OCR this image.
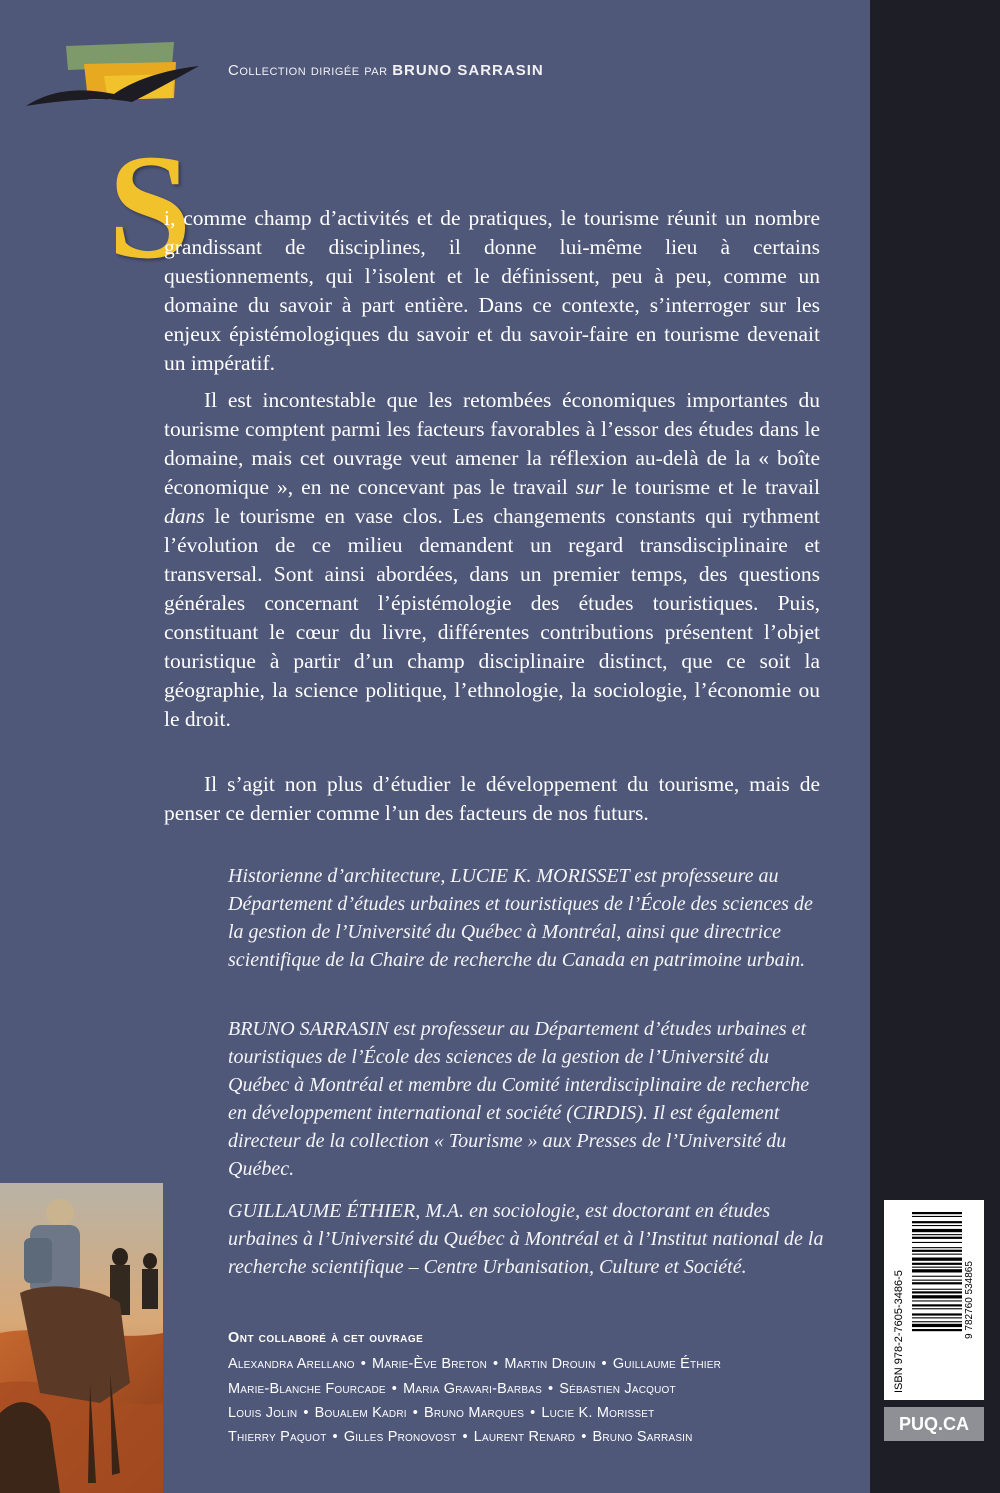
Collection dirigée par BRUNO SARRASIN
S

i, comme champ d’activités et de pratiques, le tourisme réunit un nombre grandissant de disciplines, il donne lui-même lieu à certains questionnements, qui l’isolent et le définissent, peu à peu, comme un domaine du savoir à part entière. Dans ce contexte, s’interroger sur les enjeux épistémologiques du savoir et du savoir-faire en tourisme devenait un impératif.

Il est incontestable que les retombées économiques importantes du tourisme comptent parmi les facteurs favorables à l’essor des études dans le domaine, mais cet ouvrage veut amener la réflexion au-delà de la « boîte économique », en ne concevant pas le travail sur le tourisme et le travail dans le tourisme en vase clos. Les changements constants qui rythment l’évolution de ce milieu demandent un regard transdisciplinaire et transversal. Sont ainsi abordées, dans un premier temps, des questions générales concernant l’épistémologie des études touristiques. Puis, constituant le cœur du livre, différentes contributions présentent l’objet touristique à partir d’un champ disciplinaire distinct, que ce soit la géographie, la science politique, l’ethnologie, la sociologie, l’économie ou le droit.

Il s’agit non plus d’étudier le développement du tourisme, mais de penser ce dernier comme l’un des facteurs de nos futurs.

Historienne d’architecture, LUCIE K. MORISSET est professeure au Département d’études urbaines et touristiques de l’École des sciences de la gestion de l’Université du Québec à Montréal, ainsi que directrice scientifique de la Chaire de recherche du Canada en patrimoine urbain.

BRUNO SARRASIN est professeur au Département d’études urbaines et touristiques de l’École des sciences de la gestion de l’Université du Québec à Montréal et membre du Comité interdisciplinaire de recherche en développement international et société (CIRDIS). Il est également directeur de la collection « Tourisme » aux Presses de l’Université du Québec.

GUILLAUME ÉTHIER, M.A. en sociologie, est doctorant en études urbaines à l’Université du Québec à Montréal et à l’Institut national de la recherche scientifique – Centre Urbanisation, Culture et Société.

Ont collaboré à cet ouvrage
Alexandra Arellano • Marie-Ève Breton • Martin Drouin • Guillaume Éthier
Marie-Blanche Fourcade • Maria Gravari-Barbas • Sébastien Jacquot
Louis Jolin • Boualem Kadri • Bruno Marques • Lucie K. Morisset
Thierry Paquot • Gilles Pronovost • Laurent Renard • Bruno Sarrasin
ISBN 978-2-7605-3486-5	9 782760 534865
PUQ.CA
